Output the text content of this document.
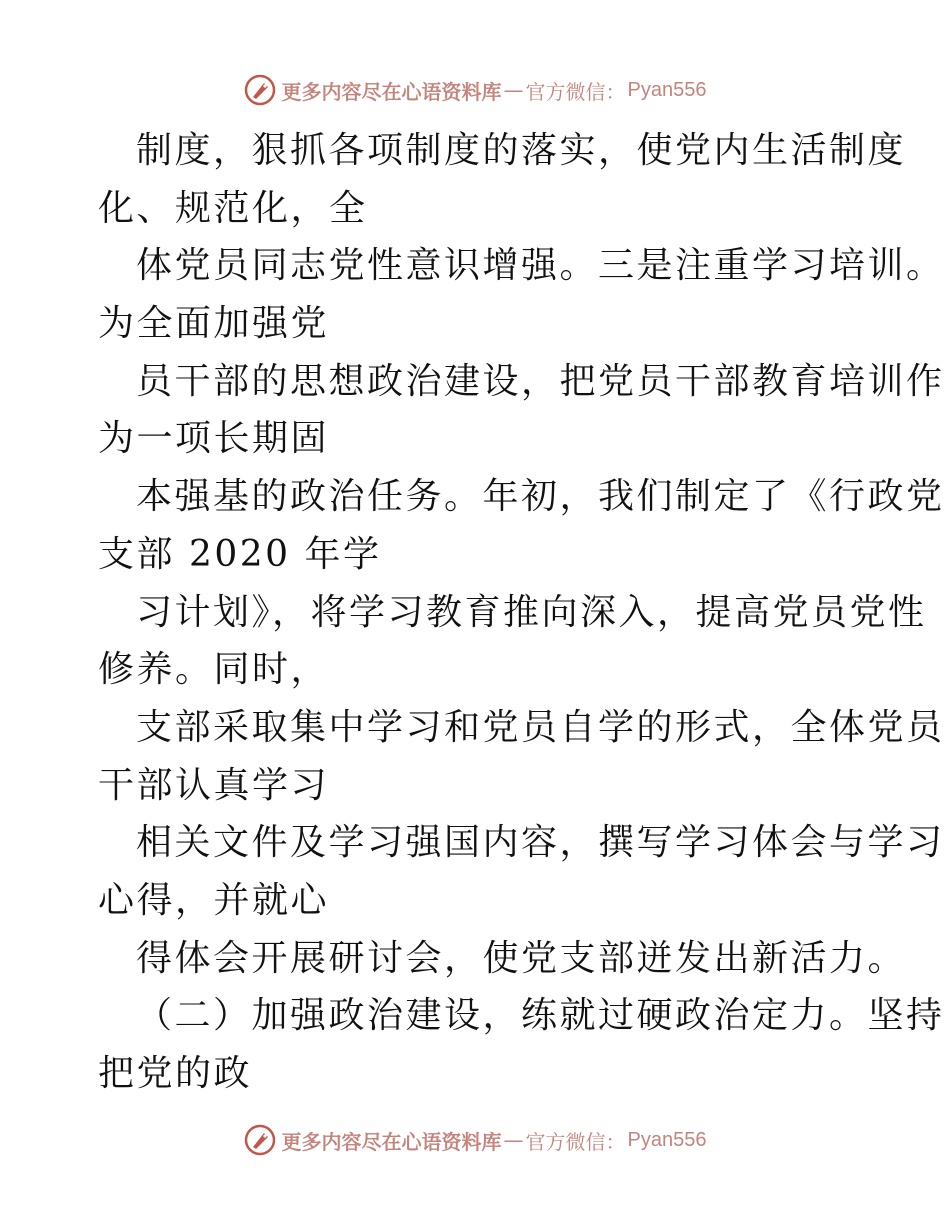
更多内容尽在心语资料库 — 官方微信： Pyan556
制度，狠抓各项制度的落实，使党内生活制度
化、规范化，全
体党员同志党性意识增强。三是注重学习培训。
为全面加强党
员干部的思想政治建设，把党员干部教育培训作
为一项长期固
本强基的政治任务。年初，我们制定了《行政党
支部 2020 年学
习计划》，将学习教育推向深入，提高党员党性
修养。同时，
支部采取集中学习和党员自学的形式，全体党员
干部认真学习
相关文件及学习强国内容，撰写学习体会与学习
心得，并就心
得体会开展研讨会，使党支部迸发出新活力。
（二）加强政治建设，练就过硬政治定力。坚持
把党的政
更多内容尽在心语资料库 — 官方微信： Pyan556
